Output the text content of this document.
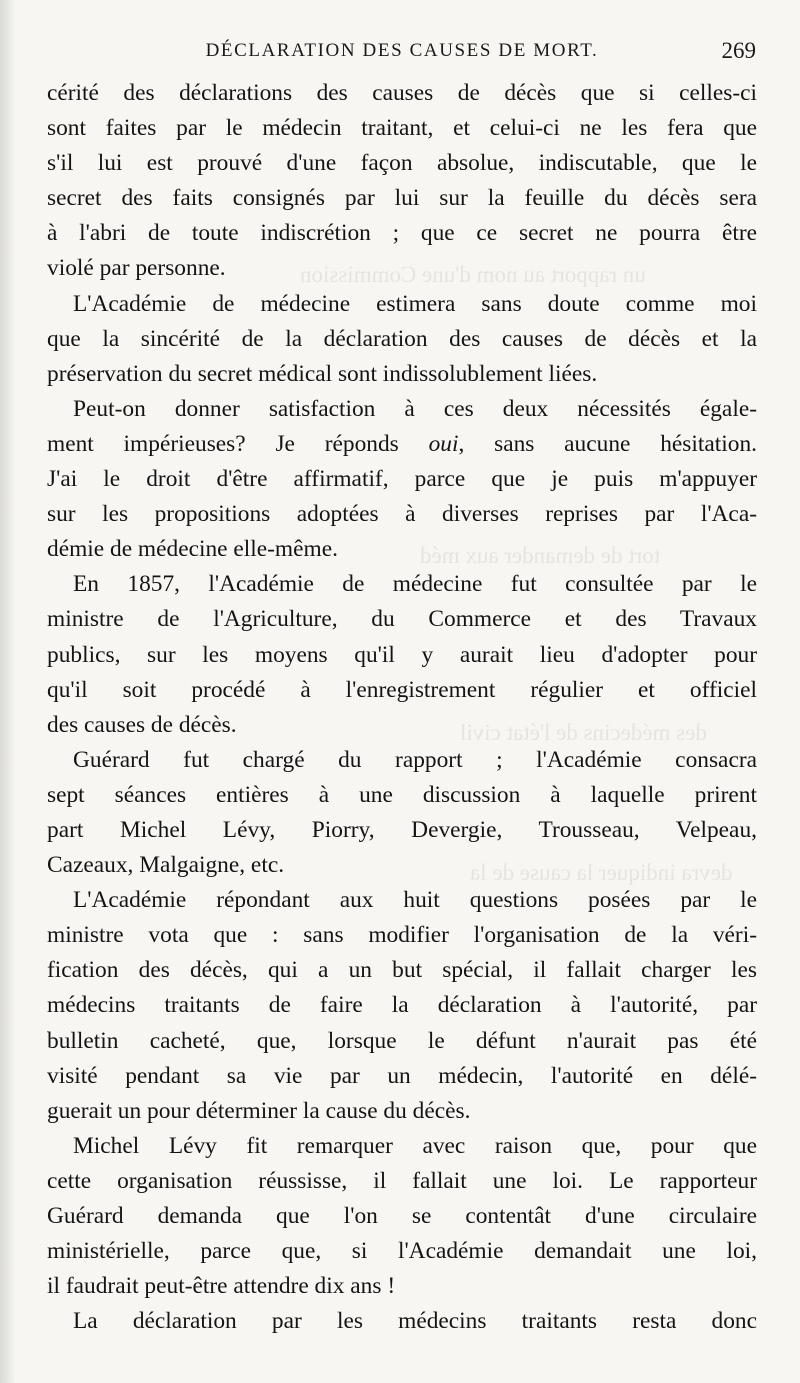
un rapport au nom d'une Commission
tort de demander aux méd
des médecins de l'état civil
devra indiquer la cause de la
DÉCLARATION DES CAUSES DE MORT.	269
cérité des déclarations des causes de décès que si celles-ci
sont faites par le médecin traitant, et celui-ci ne les fera que
s'il lui est prouvé d'une façon absolue, indiscutable, que le
secret des faits consignés par lui sur la feuille du décès sera
à l'abri de toute indiscrétion ; que ce secret ne pourra être
violé par personne.
L'Académie de médecine estimera sans doute comme moi
que la sincérité de la déclaration des causes de décès et la
préservation du secret médical sont indissolublement liées.
Peut-on donner satisfaction à ces deux nécessités égale-
ment impérieuses? Je réponds oui, sans aucune hésitation.
J'ai le droit d'être affirmatif, parce que je puis m'appuyer
sur les propositions adoptées à diverses reprises par l'Aca-
démie de médecine elle-même.
En 1857, l'Académie de médecine fut consultée par le
ministre de l'Agriculture, du Commerce et des Travaux
publics, sur les moyens qu'il y aurait lieu d'adopter pour
qu'il soit procédé à l'enregistrement régulier et officiel
des causes de décès.
Guérard fut chargé du rapport ; l'Académie consacra
sept séances entières à une discussion à laquelle prirent
part Michel Lévy, Piorry, Devergie, Trousseau, Velpeau,
Cazeaux, Malgaigne, etc.
L'Académie répondant aux huit questions posées par le
ministre vota que : sans modifier l'organisation de la véri-
fication des décès, qui a un but spécial, il fallait charger les
médecins traitants de faire la déclaration à l'autorité, par
bulletin cacheté, que, lorsque le défunt n'aurait pas été
visité pendant sa vie par un médecin, l'autorité en délé-
guerait un pour déterminer la cause du décès.
Michel Lévy fit remarquer avec raison que, pour que
cette organisation réussisse, il fallait une loi. Le rapporteur
Guérard demanda que l'on se contentât d'une circulaire
ministérielle, parce que, si l'Académie demandait une loi,
il faudrait peut-être attendre dix ans !
La déclaration par les médecins traitants resta donc
